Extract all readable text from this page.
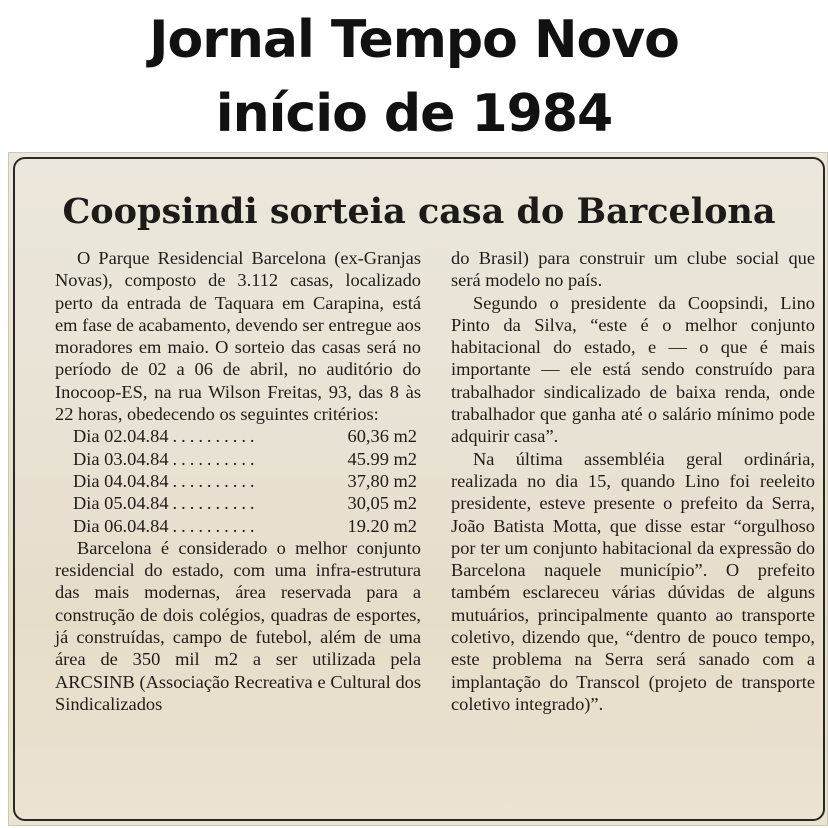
Jornal Tempo Novo
início de 1984
Coopsindi sorteia casa do Barcelona

O Parque Residencial Barcelona (ex-Granjas Novas), composto de 3.112 casas, localizado perto da entrada de Taquara em Carapina, está em fase de acabamento, devendo ser entregue aos moradores em maio. O sorteio das casas será no período de 02 a 06 de abril, no auditório do Inocoop-ES, na rua Wilson Freitas, 93, das 8 às 22 horas, obedecendo os seguintes critérios:

Dia 02.04.84 ..........	60,36 m2
Dia 03.04.84 ..........	45.99 m2
Dia 04.04.84 ..........	37,80 m2
Dia 05.04.84 ..........	30,05 m2
Dia 06.04.84 ..........	19.20 m2

Barcelona é considerado o melhor conjunto residencial do estado, com uma infra-estrutura das mais modernas, área reservada para a construção de dois colégios, quadras de esportes, já construídas, campo de futebol, além de uma área de 350 mil m2 a ser utilizada pela ARCSINB (Associação Recreativa e Cultural dos Sindicalizados

do Brasil) para construir um clube social que será modelo no país.

Segundo o presidente da Coopsindi, Lino Pinto da Silva, “este é o melhor conjunto habitacional do estado, e — o que é mais importante — ele está sendo construído para trabalhador sindicalizado de baixa renda, onde trabalhador que ganha até o salário mínimo pode adquirir casa”.

Na última assembléia geral ordinária, realizada no dia 15, quando Lino foi reeleito presidente, esteve presente o prefeito da Serra, João Batista Motta, que disse estar “orgulhoso por ter um conjunto habitacional da expressão do Barcelona naquele município”. O prefeito também esclareceu várias dúvidas de alguns mutuários, principalmente quanto ao transporte coletivo, dizendo que, “dentro de pouco tempo, este problema na Serra será sanado com a implantação do Transcol (projeto de transporte coletivo integrado)”.
